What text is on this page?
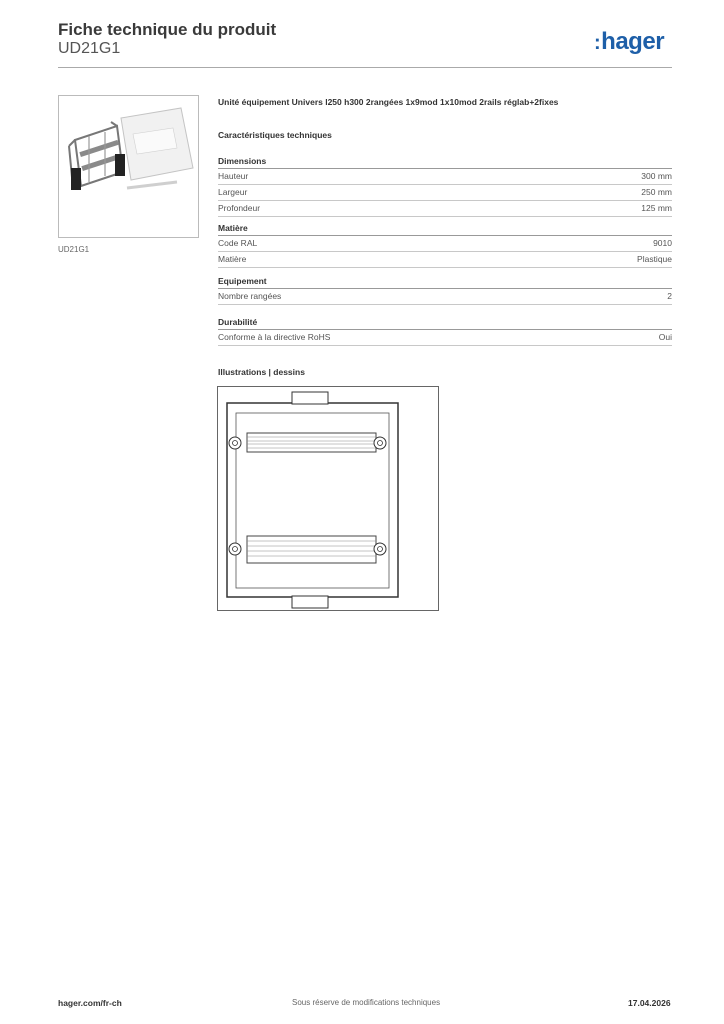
Fiche technique du produit
UD21G1	:hager
UD21G1
Unité équipement Univers l250 h300 2rangées 1x9mod 1x10mod 2rails réglab+2fixes
Caractéristiques techniques
Dimensions
Hauteur	300 mm
Largeur	250 mm
Profondeur	125 mm
Matière
Code RAL	9010
Matière	Plastique
Equipement
Nombre rangées	2
Durabilité
Conforme à la directive RoHS	Oui
Illustrations | dessins
hager.com/fr-ch	Sous réserve de modifications techniques	17.04.2026
